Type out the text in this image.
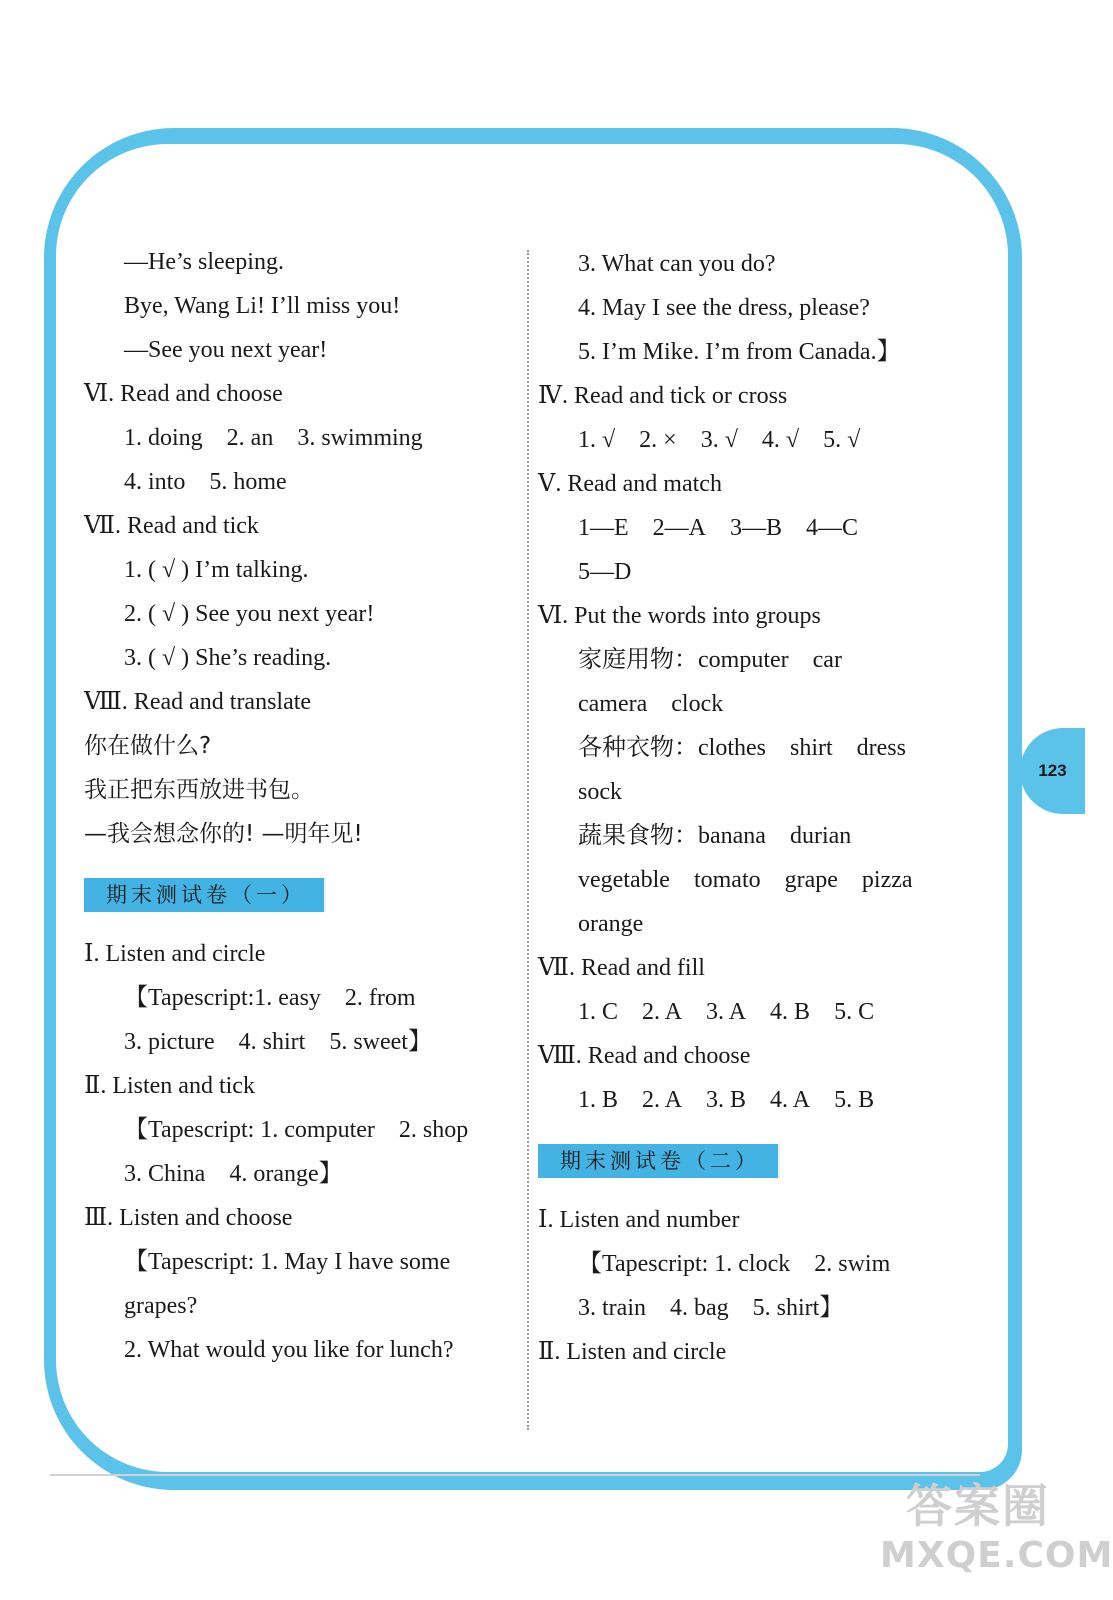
123
—He’s sleeping.
Bye, Wang Li! I’ll miss you!
—See you next year!
Ⅵ. Read and choose
1. doing 2. an 3. swimming
4. into 5. home
Ⅶ. Read and tick
1. ( √ ) I’m talking.
2. ( √ ) See you next year!
3. ( √ ) She’s reading.
Ⅷ. Read and translate
你在做什么?
我正把东西放进书包。
—我会想念你的! —明年见!
期末测试卷（一）
Ⅰ. Listen and circle
【Tapescript:1. easy 2. from
3. picture 4. shirt 5. sweet】
Ⅱ. Listen and tick
【Tapescript: 1. computer 2. shop
3. China 4. orange】
Ⅲ. Listen and choose
【Tapescript: 1. May I have some
grapes?
2. What would you like for lunch?
3. What can you do?
4. May I see the dress, please?
5. I’m Mike. I’m from Canada.】
Ⅳ. Read and tick or cross
1. √ 2. × 3. √ 4. √ 5. √
Ⅴ. Read and match
1—E 2—A 3—B 4—C
5—D
Ⅵ. Put the words into groups
家庭用物：computer car
camera clock
各种衣物：clothes shirt dress
sock
蔬果食物：banana durian
vegetable tomato grape pizza
orange
Ⅶ. Read and fill
1. C 2. A 3. A 4. B 5. C
Ⅷ. Read and choose
1. B 2. A 3. B 4. A 5. B
期末测试卷（二）
Ⅰ. Listen and number
【Tapescript: 1. clock 2. swim
3. train 4. bag 5. shirt】
Ⅱ. Listen and circle
答案圈
MXQE.COM
